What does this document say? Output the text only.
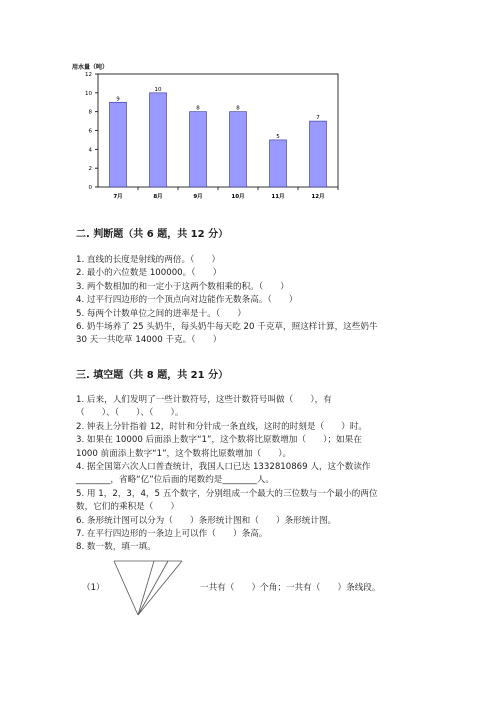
用水量（吨）
0
2
4
6
8
10
12
9
7月
10
8月
8
9月
8
10月
5
11月
7
12月

二. 判断题（共 6 题，共 12 分）

1. 直线的长度是射线的两倍。（　　）

2. 最小的六位数是 100000。（　　）

3. 两个数相加的和一定小于这两个数相乘的积。（　　）

4. 过平行四边形的一个顶点向对边能作无数条高。（　　）

5. 每两个计数单位之间的进率是十。（　　）

6. 奶牛场养了 25 头奶牛，每头奶牛每天吃 20 千克草，照这样计算，这些奶牛

30 天一共吃草 14000 千克。（　　）

三. 填空题（共 8 题，共 21 分）

1. 后来，人们发明了一些计数符号，这些计数符号叫做（　　），有

（　　）、（　　）、（　　）。

2. 钟表上分针指着 12，时针和分针成一条直线，这时的时刻是（　　）时。

3. 如果在 10000 后面添上数字“1”，这个数将比原数增加（　　）；如果在

1000 前面添上数字“1”，这个数将比原数增加（　　）。

4. 据全国第六次人口普查统计，我国人口已达 1332810869 人，这个数读作

________，省略“亿”位后面的尾数约是________人。

5. 用 1，2，3，4，5 五个数字，分别组成一个最大的三位数与一个最小的两位

数，它们的乘积是（　　）

6. 条形统计图可以分为（　　）条形统计图和（　　）条形统计图。

7. 在平行四边形的一条边上可以作（　　）条高。

8. 数一数，填一填。

（1）	一共有（　　）个角；一共有（　　）条线段。
